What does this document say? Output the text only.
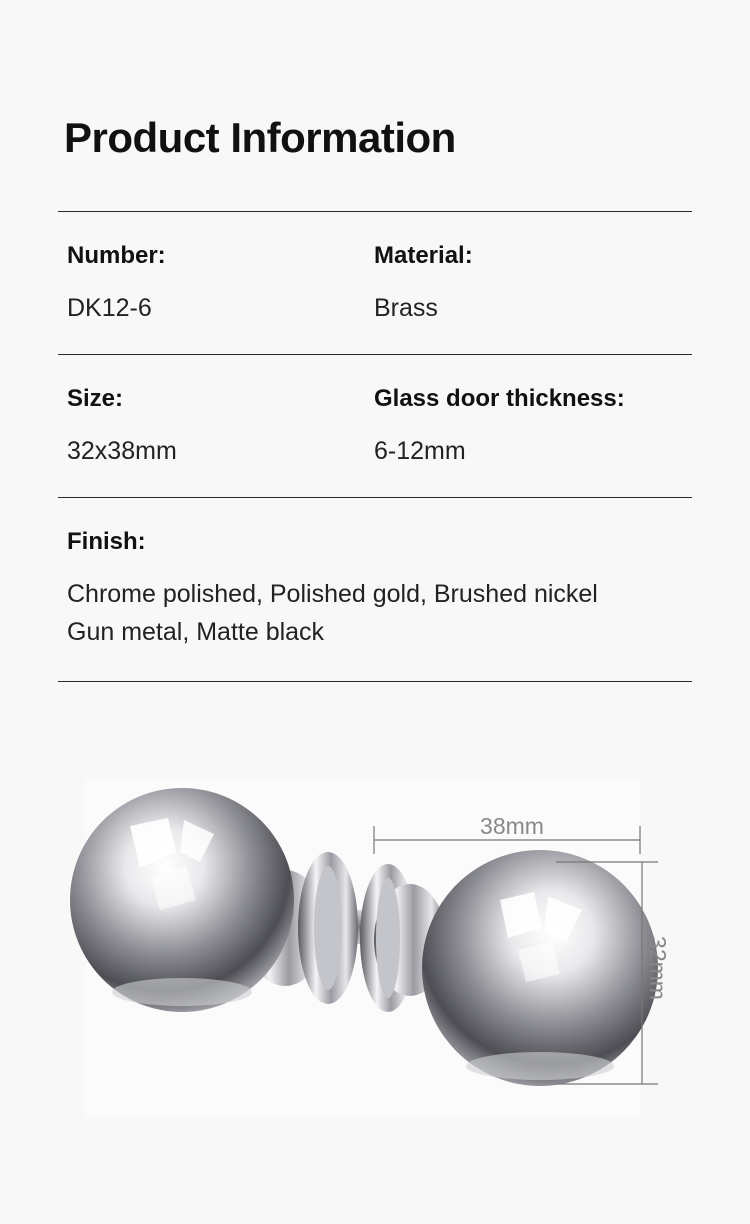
Product Information
Number:
DK12-6
Material:
Brass
Size:
32x38mm
Glass door thickness:
6-12mm
Finish:
Chrome polished, Polished gold, Brushed nickel
Gun metal, Matte black
38mm
32mm
